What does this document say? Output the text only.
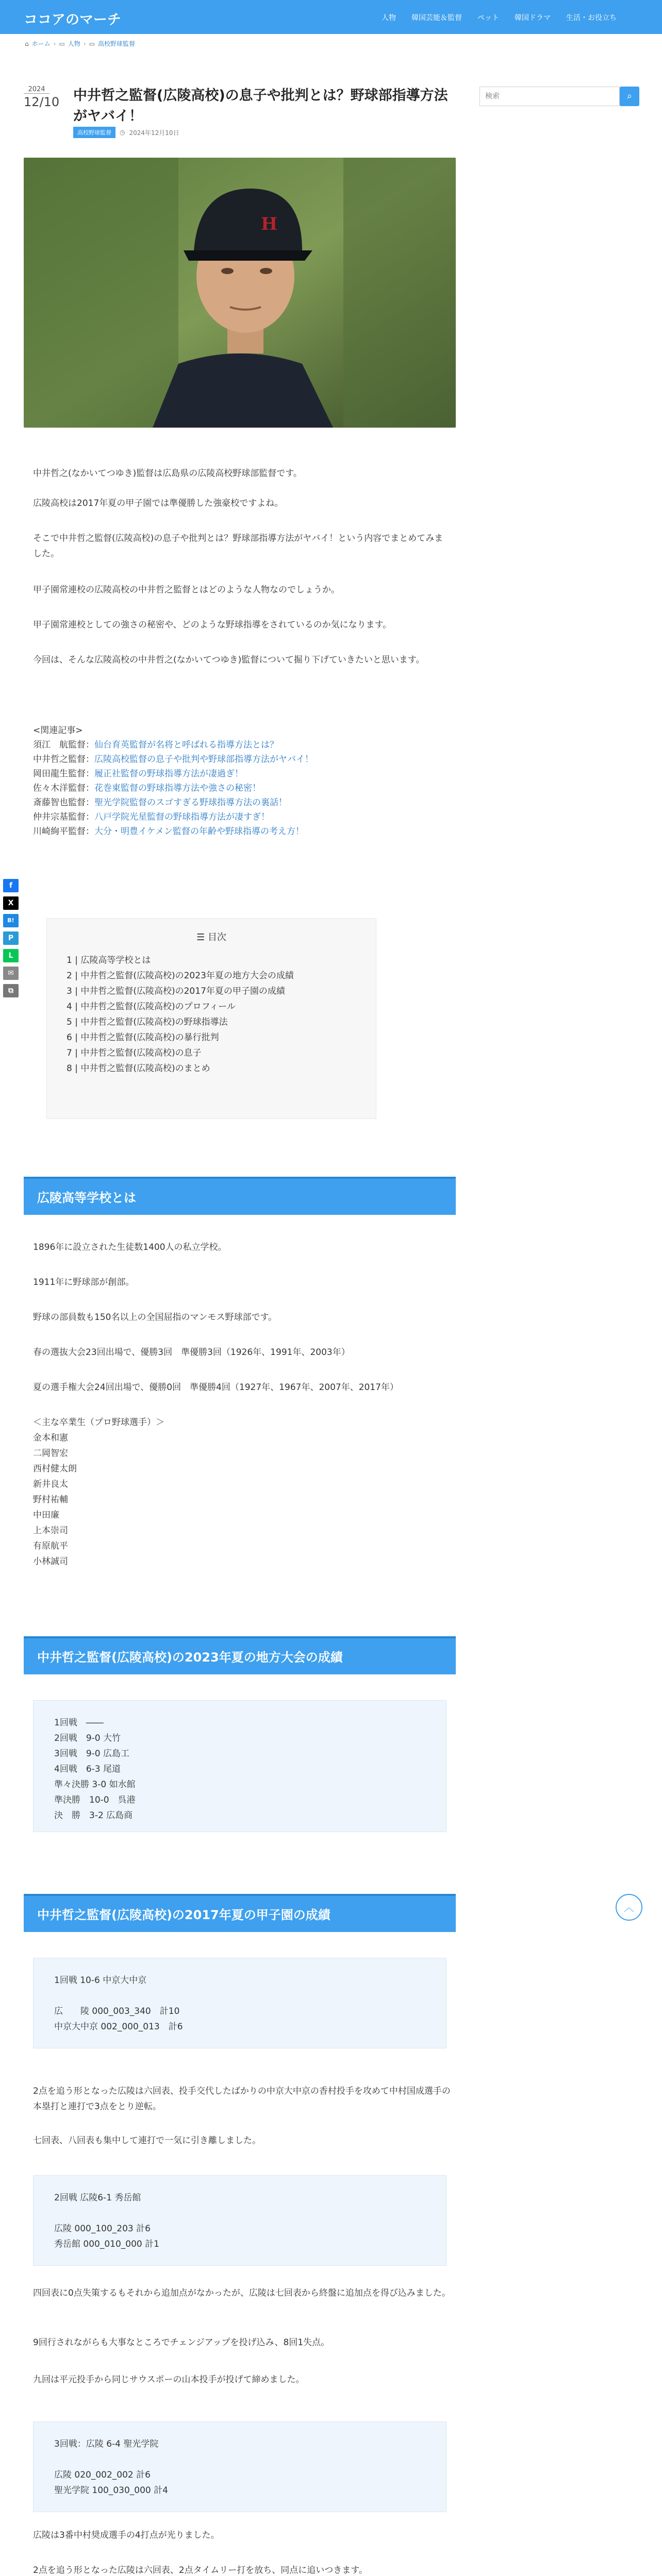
ココアのマーチ	人物 韓国芸能＆監督 ペット 韓国ドラマ 生活・お役立ち
⌂ ホーム › ▭ 人物 › ▭ 高校野球監督
f
X
B!
P
L
✉
⧉
2024
12/10 中井哲之監督(広陵高校)の息子や批判とは？野球部指導方法がヤバイ！
高校野球監督	◷ 2024年12月10日
H

中井哲之(なかいてつゆき)監督は広島県の広陵高校野球部監督です。

広陵高校は2017年夏の甲子園では準優勝した強豪校ですよね。

そこで中井哲之監督(広陵高校)の息子や批判とは？野球部指導方法がヤバイ！という内容でまとめてみました。

甲子園常連校の広陵高校の中井哲之監督とはどのような人物なのでしょうか。

甲子園常連校としての強さの秘密や、どのような野球指導をされているのか気になります。

今回は、そんな広陵高校の中井哲之(なかいてつゆき)監督について掘り下げていきたいと思います。

<関連記事>
須江　航監督： 仙台育英監督が名将と呼ばれる指導方法とは？
中井哲之監督： 広陵高校監督の息子や批判や野球部指導方法がヤバイ！
岡田龍生監督： 履正社監督の野球指導方法が凄過ぎ！
佐々木洋監督： 花巻東監督の野球指導方法や強さの秘密！
斎藤智也監督： 聖光学院監督のスゴすぎる野球指導方法の裏話！
仲井宗基監督： 八戸学院光星監督の野球指導方法が凄すぎ！
川崎絢平監督： 大分・明豊イケメン監督の年齢や野球指導の考え方！
☰ 目次
1 | 広陵高等学校とは
2 | 中井哲之監督(広陵高校)の2023年夏の地方大会の成績
3 | 中井哲之監督(広陵高校)の2017年夏の甲子園の成績
4 | 中井哲之監督(広陵高校)のプロフィール
5 | 中井哲之監督(広陵高校)の野球指導法
6 | 中井哲之監督(広陵高校)の暴行批判
7 | 中井哲之監督(広陵高校)の息子
8 | 中井哲之監督(広陵高校)のまとめ
広陵高等学校とは

1896年に設立された生徒数1400人の私立学校。

1911年に野球部が創部。

野球の部員数も150名以上の全国屈指のマンモス野球部です。

春の選抜大会23回出場で、優勝3回　準優勝3回（1926年、1991年、2003年）

夏の選手権大会24回出場で、優勝0回　準優勝4回（1927年、1967年、2007年、2017年）

＜主な卒業生（プロ野球選手）＞

金本和憲

二岡智宏

西村健太朗

新井良太

野村祐輔

中田廉

上本崇司

有原航平

小林誠司

中井哲之監督(広陵高校)の2023年夏の地方大会の成績

1回戦　――

2回戦　9-0 大竹

3回戦　9-0 広島工

4回戦　6-3 尾道

準々決勝 3-0 如水館

準決勝　10-0　呉港

決　勝　3-2 広島商

中井哲之監督(広陵高校)の2017年夏の甲子園の成績

1回戦 10-6 中京大中京

広　　陵 000_003_340　計10

中京大中京 002_000_013　計6

2点を追う形となった広陵は六回表、投手交代したばかりの中京大中京の香村投手を攻めて中村国成選手の本塁打と連打で3点をとり逆転。

七回表、八回表も集中して連打で一気に引き離しました。

2回戦 広陵6-1 秀岳館

広陵 000_100_203 計6

秀岳館 000_010_000 計1

四回表に0点失策するもそれから追加点がなかったが、広陵は七回表から終盤に追加点を得び込みました。

9回行されながらも大事なところでチェンジアップを投げ込み、8回1失点。

九回は平元投手から同じサウスポーの山本投手が投げて締めました。

3回戦：広陵 6-4 聖光学院

広陵 020_002_002 計6

聖光学院 100_030_000 計4

広陵は3番中村奨成選手の4打点が光りました。

2点を追う形となった広陵は六回表、2点タイムリー打を放ち、同点に追いつきます。

検索
⌕
︿
